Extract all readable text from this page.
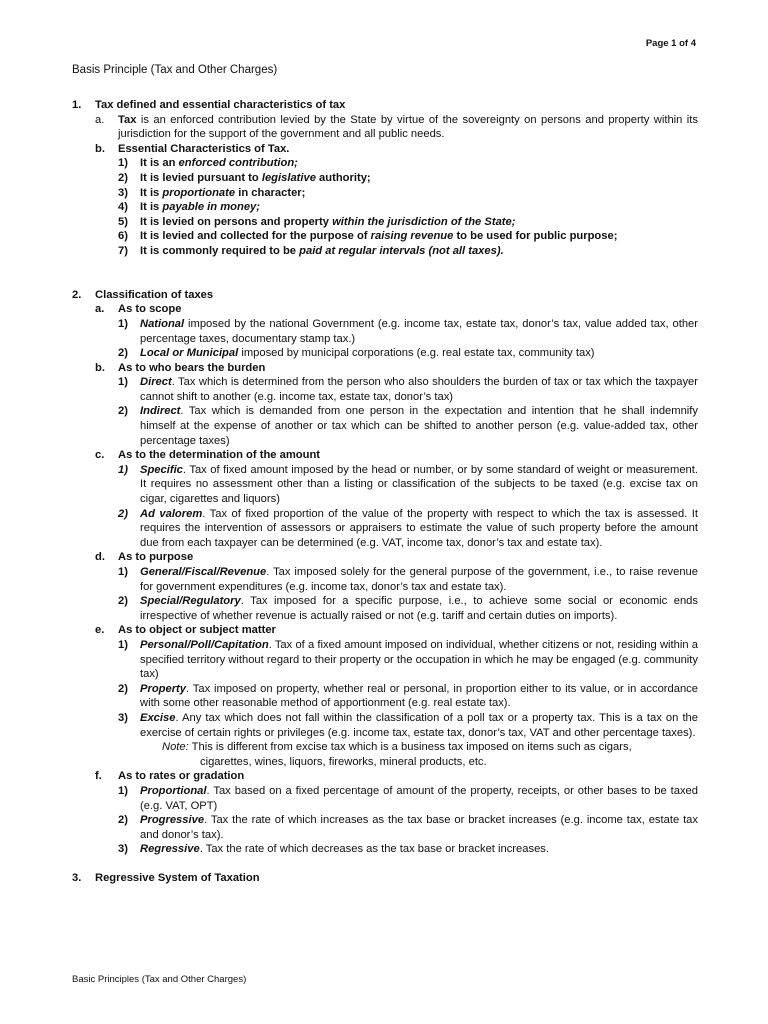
Page 1 of 4
Basis Principle (Tax and Other Charges)
1.	Tax defined and essential characteristics of tax
a.	Tax is an enforced contribution levied by the State by virtue of the sovereignty on persons and property within its jurisdiction for the support of the government and all public needs.
b.	Essential Characteristics of Tax.
1)	It is an enforced contribution;
2)	It is levied pursuant to legislative authority;
3)	It is proportionate in character;
4)	It is payable in money;
5)	It is levied on persons and property within the jurisdiction of the State;
6)	It is levied and collected for the purpose of raising revenue to be used for public purpose;
7)	It is commonly required to be paid at regular intervals (not all taxes).
2.	Classification of taxes
a.	As to scope
1)	National imposed by the national Government (e.g. income tax, estate tax, donor’s tax, value added tax, other percentage taxes, documentary stamp tax.)
2)	Local or Municipal imposed by municipal corporations (e.g. real estate tax, community tax)
b.	As to who bears the burden
1)	Direct. Tax which is determined from the person who also shoulders the burden of tax or tax which the taxpayer cannot shift to another (e.g. income tax, estate tax, donor’s tax)
2)	Indirect. Tax which is demanded from one person in the expectation and intention that he shall indemnify himself at the expense of another or tax which can be shifted to another person (e.g. value-added tax, other percentage taxes)
c.	As to the determination of the amount
1)	Specific. Tax of fixed amount imposed by the head or number, or by some standard of weight or measurement. It requires no assessment other than a listing or classification of the subjects to be taxed (e.g. excise tax on cigar, cigarettes and liquors)
2)	Ad valorem. Tax of fixed proportion of the value of the property with respect to which the tax is assessed. It requires the intervention of assessors or appraisers to estimate the value of such property before the amount due from each taxpayer can be determined (e.g. VAT, income tax, donor’s tax and estate tax).
d.	As to purpose
1)	General/Fiscal/Revenue. Tax imposed solely for the general purpose of the government, i.e., to raise revenue for government expenditures (e.g. income tax, donor’s tax and estate tax).
2)	Special/Regulatory. Tax imposed for a specific purpose, i.e., to achieve some social or economic ends irrespective of whether revenue is actually raised or not (e.g. tariff and certain duties on imports).
e.	As to object or subject matter
1)	Personal/Poll/Capitation. Tax of a fixed amount imposed on individual, whether citizens or not, residing within a specified territory without regard to their property or the occupation in which he may be engaged (e.g. community tax)
2)	Property. Tax imposed on property, whether real or personal, in proportion either to its value, or in accordance with some other reasonable method of apportionment (e.g. real estate tax).
3)	Excise. Any tax which does not fall within the classification of a poll tax or a property tax. This is a tax on the exercise of certain rights or privileges (e.g. income tax, estate tax, donor’s tax, VAT and other percentage taxes).
Note: This is different from excise tax which is a business tax imposed on items such as cigars,
cigarettes, wines, liquors, fireworks, mineral products, etc.
f.	As to rates or gradation
1)	Proportional. Tax based on a fixed percentage of amount of the property, receipts, or other bases to be taxed (e.g. VAT, OPT)
2)	Progressive. Tax the rate of which increases as the tax base or bracket increases (e.g. income tax, estate tax and donor’s tax).
3)	Regressive. Tax the rate of which decreases as the tax base or bracket increases.
3.	Regressive System of Taxation
Basic Principles (Tax and Other Charges)
